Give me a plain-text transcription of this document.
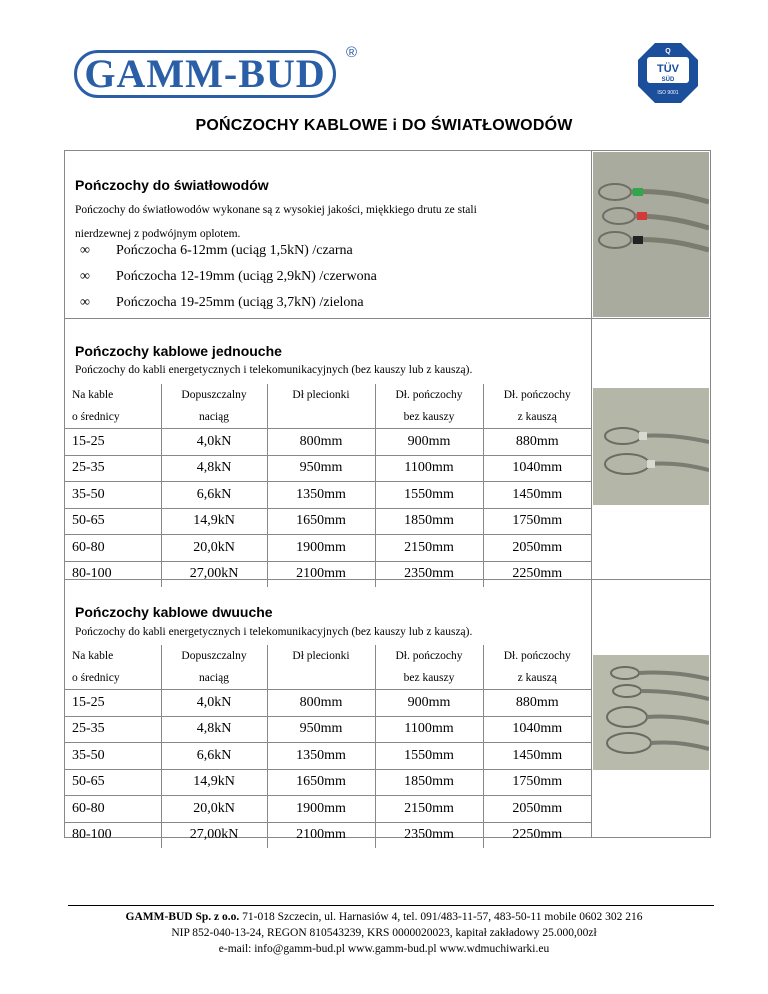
GAMM-BUD ®	Q
TÜV
SÜD
ISO 9001
POŃCZOCHY KABLOWE i DO ŚWIATŁOWODÓW
Pończochy do światłowodów
Pończochy do światłowodów wykonane są z wysokiej jakości, miękkiego drutu ze stali
nierdzewnej z podwójnym oplotem.
∞ Pończocha 6-12mm (uciąg 1,5kN) /czarna
∞ Pończocha 12-19mm (uciąg 2,9kN) /czerwona
∞ Pończocha 19-25mm (uciąg 3,7kN) /zielona
Pończochy kablowe jednouche
Pończochy do kabli energetycznych i telekomunikacyjnych (bez kauszy lub z kauszą).
Na kable	Dopuszczalny	Dł plecionki	Dł. pończochy	Dł. pończochy
o średnicy	naciąg		bez kauszy	z kauszą
15-25	4,0kN	800mm	900mm	880mm
25-35	4,8kN	950mm	1100mm	1040mm
35-50	6,6kN	1350mm	1550mm	1450mm
50-65	14,9kN	1650mm	1850mm	1750mm
60-80	20,0kN	1900mm	2150mm	2050mm
80-100	27,00kN	2100mm	2350mm	2250mm
Pończochy kablowe dwuuche
Pończochy do kabli energetycznych i telekomunikacyjnych (bez kauszy lub z kauszą).
Na kable	Dopuszczalny	Dł plecionki	Dł. pończochy	Dł. pończochy
o średnicy	naciąg		bez kauszy	z kauszą
15-25	4,0kN	800mm	900mm	880mm
25-35	4,8kN	950mm	1100mm	1040mm
35-50	6,6kN	1350mm	1550mm	1450mm
50-65	14,9kN	1650mm	1850mm	1750mm
60-80	20,0kN	1900mm	2150mm	2050mm
80-100	27,00kN	2100mm	2350mm	2250mm
GAMM-BUD Sp. z o.o. 71-018 Szczecin, ul. Harnasiów 4, tel. 091/483-11-57, 483-50-11 mobile 0602 302 216
NIP 852-040-13-24, REGON 810543239, KRS 0000020023, kapitał zakładowy 25.000,00zł
e-mail: info@gamm-bud.pl www.gamm-bud.pl www.wdmuchiwarki.eu
